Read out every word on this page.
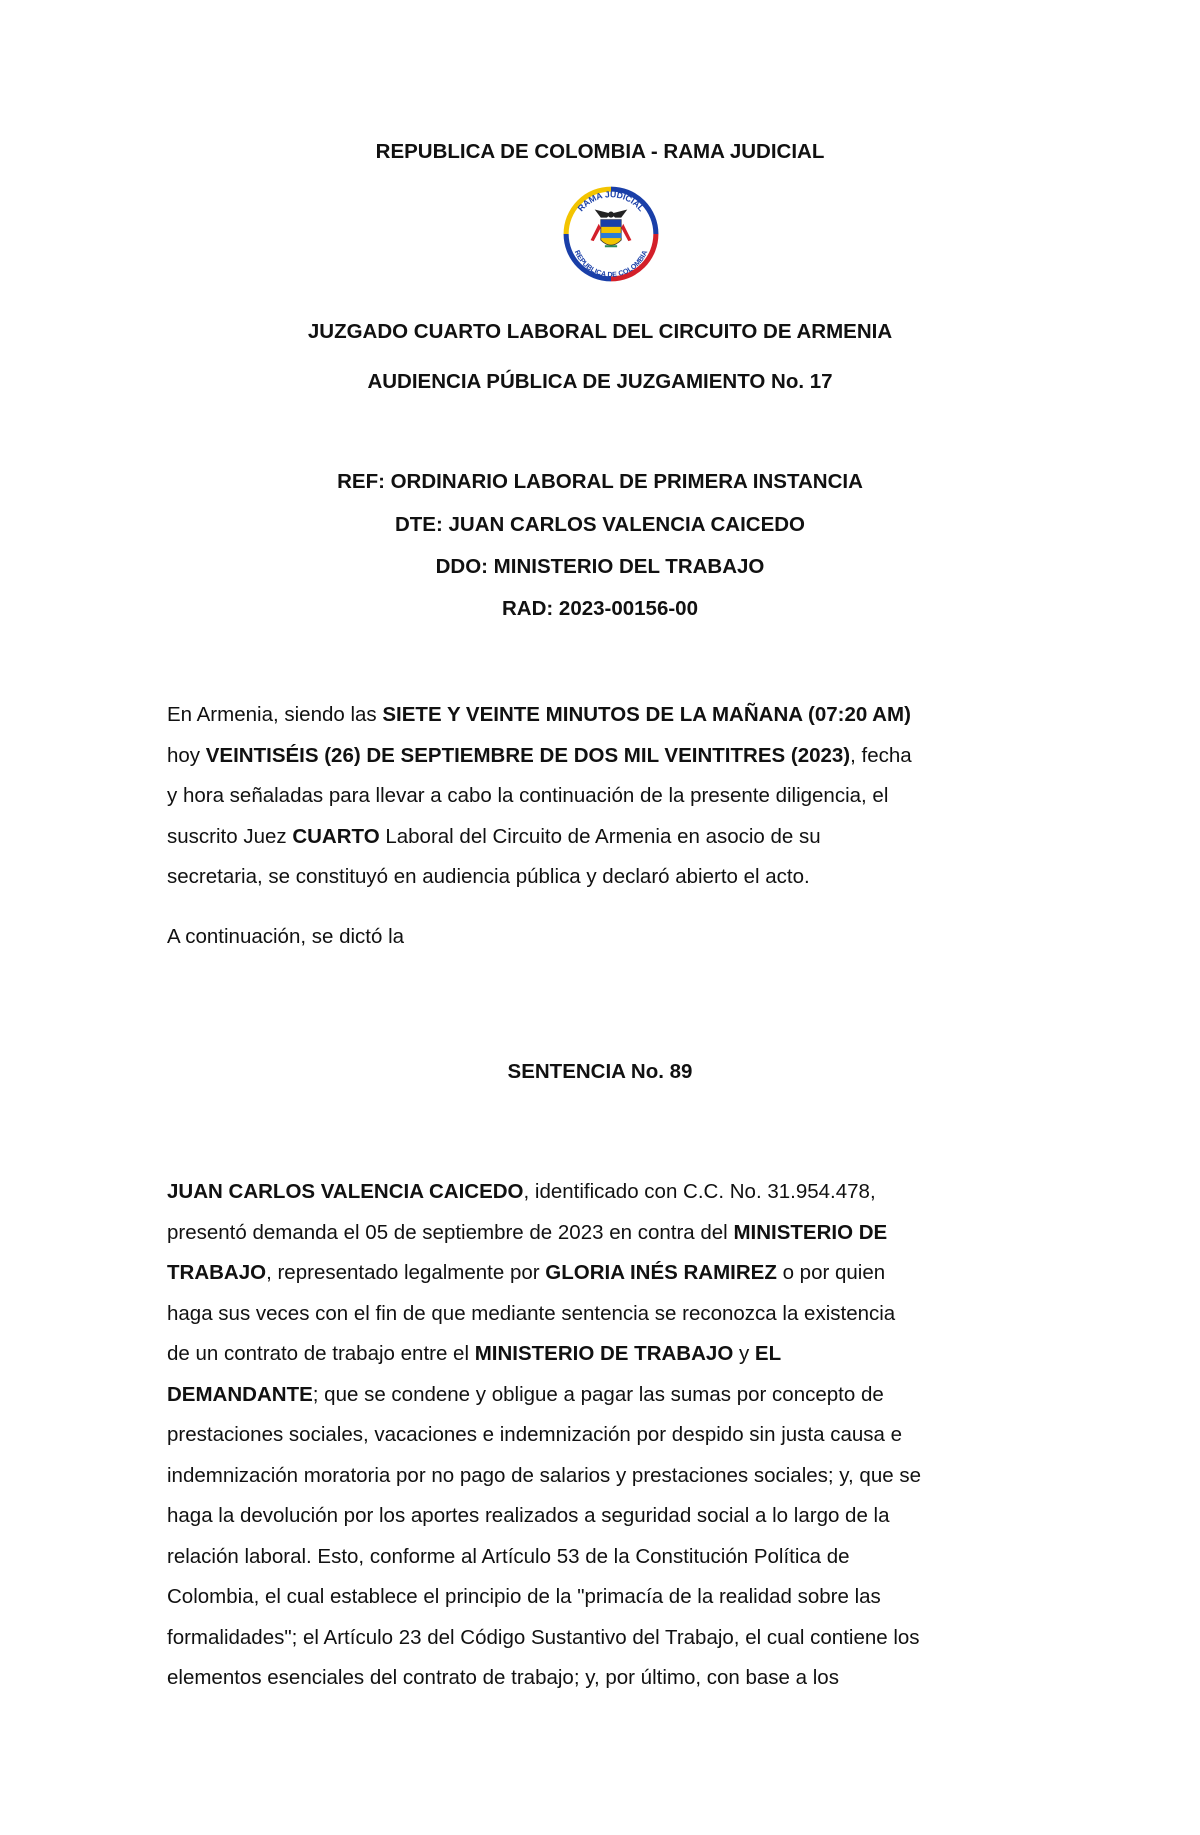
REPUBLICA DE COLOMBIA - RAMA JUDICIAL
RAMA JUDICIAL
REPUBLICA DE COLOMBIA
JUZGADO CUARTO LABORAL DEL CIRCUITO DE ARMENIA
AUDIENCIA PÚBLICA DE JUZGAMIENTO No. 17
REF: ORDINARIO LABORAL DE PRIMERA INSTANCIA
DTE: JUAN CARLOS VALENCIA CAICEDO
DDO: MINISTERIO DEL TRABAJO
RAD: 2023-00156-00
En Armenia, siendo las SIETE Y VEINTE MINUTOS DE LA MAÑANA (07:20 AM)
hoy VEINTISÉIS (26) DE SEPTIEMBRE DE DOS MIL VEINTITRES (2023), fecha
y hora señaladas para llevar a cabo la continuación de la presente diligencia, el
suscrito Juez CUARTO Laboral del Circuito de Armenia en asocio de su
secretaria, se constituyó en audiencia pública y declaró abierto el acto.
A continuación, se dictó la
SENTENCIA No. 89
JUAN CARLOS VALENCIA CAICEDO, identificado con C.C. No. 31.954.478,
presentó demanda el 05 de septiembre de 2023 en contra del MINISTERIO DE
TRABAJO, representado legalmente por GLORIA INÉS RAMIREZ o por quien
haga sus veces con el fin de que mediante sentencia se reconozca la existencia
de un contrato de trabajo entre el MINISTERIO DE TRABAJO y EL
DEMANDANTE; que se condene y obligue a pagar las sumas por concepto de
prestaciones sociales, vacaciones e indemnización por despido sin justa causa e
indemnización moratoria por no pago de salarios y prestaciones sociales; y, que se
haga la devolución por los aportes realizados a seguridad social a lo largo de la
relación laboral. Esto, conforme al Artículo 53 de la Constitución Política de
Colombia, el cual establece el principio de la "primacía de la realidad sobre las
formalidades"; el Artículo 23 del Código Sustantivo del Trabajo, el cual contiene los
elementos esenciales del contrato de trabajo; y, por último, con base a los
